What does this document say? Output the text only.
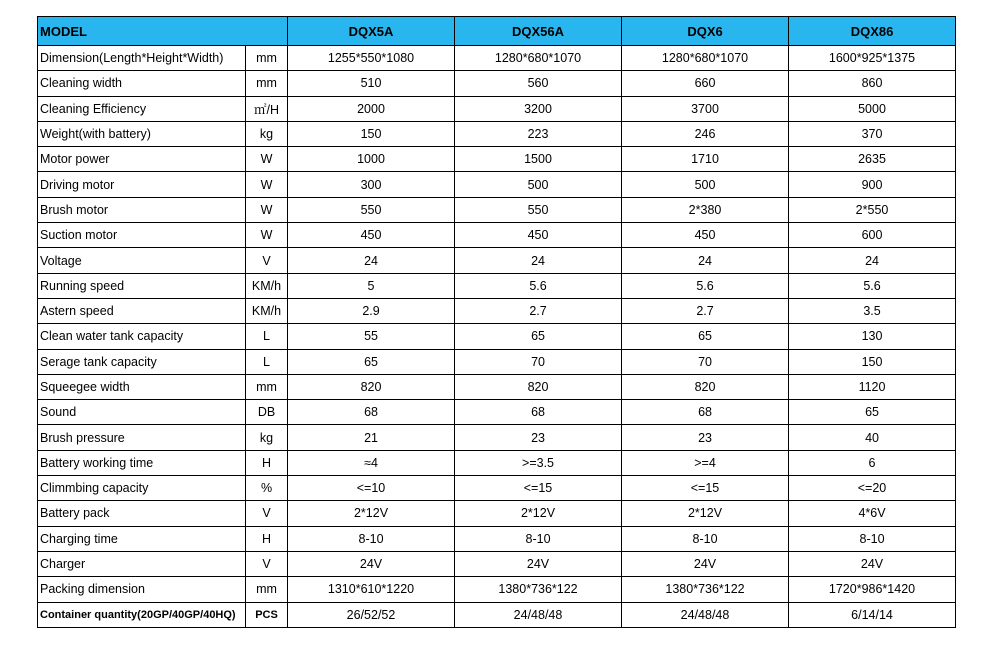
MODEL		DQX5A	DQX56A	DQX6	DQX86
Dimension(Length*Height*Width)	mm	1255*550*1080	1280*680*1070	1280*680*1070	1600*925*1375
Cleaning width	mm	510	560	660	860
Cleaning Efficiency	㎡/H	2000	3200	3700	5000
Weight(with battery)	kg	150	223	246	370
Motor power	W	1000	1500	1710	2635
Driving motor	W	300	500	500	900
Brush motor	W	550	550	2*380	2*550
Suction motor	W	450	450	450	600
Voltage	V	24	24	24	24
Running speed	KM/h	5	5.6	5.6	5.6
Astern speed	KM/h	2.9	2.7	2.7	3.5
Clean water tank capacity	L	55	65	65	130
Serage tank capacity	L	65	70	70	150
Squeegee width	mm	820	820	820	1120
Sound	DB	68	68	68	65
Brush pressure	kg	21	23	23	40
Battery working time	H	≈4	>=3.5	>=4	6
Climmbing capacity	%	<=10	<=15	<=15	<=20
Battery pack	V	2*12V	2*12V	2*12V	4*6V
Charging time	H	8-10	8-10	8-10	8-10
Charger	V	24V	24V	24V	24V
Packing dimension	mm	1310*610*1220	1380*736*122	1380*736*122	1720*986*1420
Container quantity(20GP/40GP/40HQ)	PCS	26/52/52	24/48/48	24/48/48	6/14/14
